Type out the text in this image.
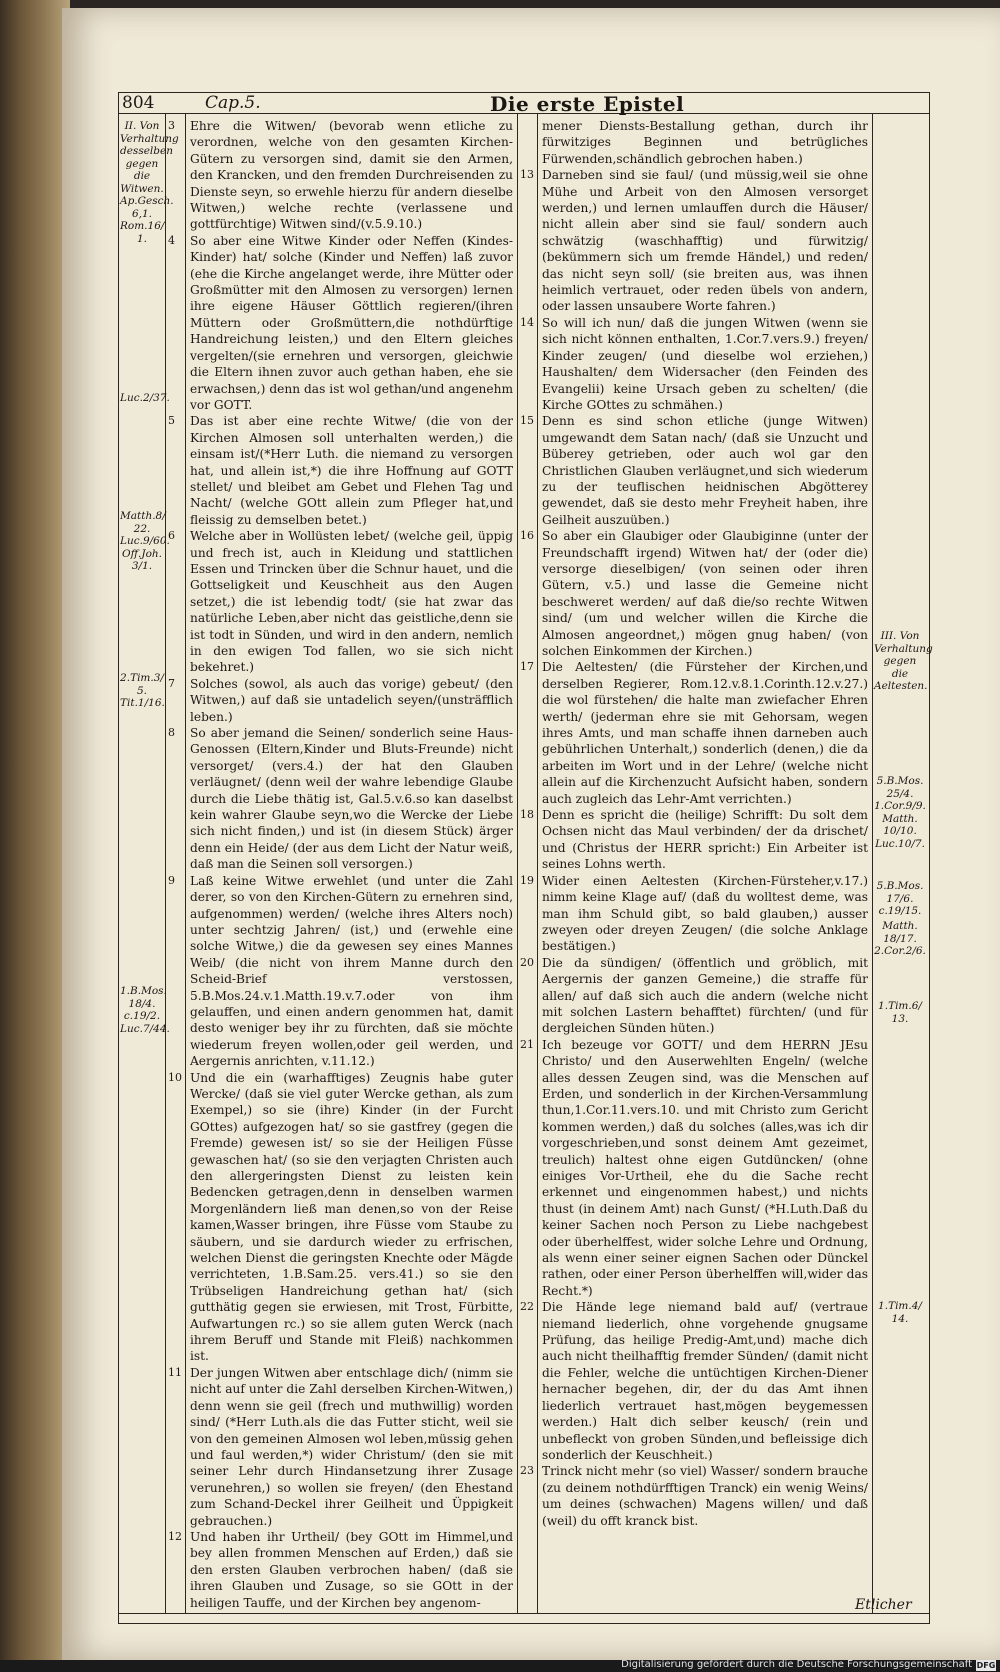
804	Cap.5.	Die erste Epistel
II. Von Verhaltung desselben gegen die Witwen. Ap.Gesch. 6,1. Rom.16/ 1.
Luc.2/37.
Matth.8/ 22. Luc.9/60. Off.Joh. 3/1.
2.Tim.3/ 5. Tit.1/16.
1.B.Mos. 18/4. c.19/2. Luc.7/44.
III. Von Verhaltung gegen die Aeltesten.
5.B.Mos. 25/4. 1.Cor.9/9. Matth. 10/10. Luc.10/7.
5.B.Mos. 17/6. c.19/15.
Matth. 18/17. 2.Cor.2/6.
1.Tim.6/ 13.
1.Tim.4/ 14.

3 Ehre die Witwen/ (bevorab wenn etliche zu verordnen, welche von den gesamten Kirchen-Gütern zu versorgen sind, damit sie den Armen, den Krancken, und den fremden Durchreisenden zu Dienste seyn, so erwehle hierzu für andern dieselbe Witwen,) welche rechte (verlassene und gottfürchtige) Witwen sind/(v.5.9.10.)

4 So aber eine Witwe Kinder oder Neffen (Kindes-Kinder) hat/ solche (Kinder und Neffen) laß zuvor (ehe die Kirche angelanget werde, ihre Mütter oder Großmütter mit den Almosen zu versorgen) lernen ihre eigene Häuser Göttlich regieren/(ihren Müttern oder Großmüttern,die nothdürftige Handreichung leisten,) und den Eltern gleiches vergelten/(sie ernehren und versorgen, gleichwie die Eltern ihnen zuvor auch gethan haben, ehe sie erwachsen,) denn das ist wol gethan/und angenehm vor GOTT.

5 Das ist aber eine rechte Witwe/ (die von der Kirchen Almosen soll unterhalten werden,) die einsam ist/(*Herr Luth. die niemand zu versorgen hat, und allein ist,*) die ihre Hoffnung auf GOTT stellet/ und bleibet am Gebet und Flehen Tag und Nacht/ (welche GOtt allein zum Pfleger hat,und fleissig zu demselben betet.)

6 Welche aber in Wollüsten lebet/ (welche geil, üppig und frech ist, auch in Kleidung und stattlichen Essen und Trincken über die Schnur hauet, und die Gottseligkeit und Keuschheit aus den Augen setzet,) die ist lebendig todt/ (sie hat zwar das natürliche Leben,aber nicht das geistliche,denn sie ist todt in Sünden, und wird in den andern, nemlich in den ewigen Tod fallen, wo sie sich nicht bekehret.)

7 Solches (sowol, als auch das vorige) gebeut/ (den Witwen,) auf daß sie untadelich seyen/(unsträfflich leben.)

8 So aber jemand die Seinen/ sonderlich seine Haus-Genossen (Eltern,Kinder und Bluts-Freunde) nicht versorget/ (vers.4.) der hat den Glauben verläugnet/ (denn weil der wahre lebendige Glaube durch die Liebe thätig ist, Gal.5.v.6.so kan daselbst kein wahrer Glaube seyn,wo die Wercke der Liebe sich nicht finden,) und ist (in diesem Stück) ärger denn ein Heide/ (der aus dem Licht der Natur weiß, daß man die Seinen soll versorgen.)

9 Laß keine Witwe erwehlet (und unter die Zahl derer, so von den Kirchen-Gütern zu ernehren sind, aufgenommen) werden/ (welche ihres Alters noch) unter sechtzig Jahren/ (ist,) und (erwehle eine solche Witwe,) die da gewesen sey eines Mannes Weib/ (die nicht von ihrem Manne durch den Scheid-Brief verstossen, 5.B.Mos.24.v.1.Matth.19.v.7.oder von ihm gelauffen, und einen andern genommen hat, damit desto weniger bey ihr zu fürchten, daß sie möchte wiederum freyen wollen,oder geil werden, und Aergernis anrichten, v.11.12.)

10 Und die ein (warhafftiges) Zeugnis habe guter Wercke/ (daß sie viel guter Wercke gethan, als zum Exempel,) so sie (ihre) Kinder (in der Furcht GOttes) aufgezogen hat/ so sie gastfrey (gegen die Fremde) gewesen ist/ so sie der Heiligen Füsse gewaschen hat/ (so sie den verjagten Christen auch den allergeringsten Dienst zu leisten kein Bedencken getragen,denn in denselben warmen Morgenländern ließ man denen,so von der Reise kamen,Wasser bringen, ihre Füsse vom Staube zu säubern, und sie dardurch wieder zu erfrischen, welchen Dienst die geringsten Knechte oder Mägde verrichteten, 1.B.Sam.25. vers.41.) so sie den Trübseligen Handreichung gethan hat/ (sich gutthätig gegen sie erwiesen, mit Trost, Fürbitte, Aufwartungen rc.) so sie allem guten Werck (nach ihrem Beruff und Stande mit Fleiß) nachkommen ist.

11 Der jungen Witwen aber entschlage dich/ (nimm sie nicht auf unter die Zahl derselben Kirchen-Witwen,) denn wenn sie geil (frech und muthwillig) worden sind/ (*Herr Luth.als die das Futter sticht, weil sie von den gemeinen Almosen wol leben,müssig gehen und faul werden,*) wider Christum/ (den sie mit seiner Lehr durch Hindansetzung ihrer Zusage verunehren,) so wollen sie freyen/ (den Ehestand zum Schand-Deckel ihrer Geilheit und Üppigkeit gebrauchen.)

12 Und haben ihr Urtheil/ (bey GOtt im Himmel,und bey allen frommen Menschen auf Erden,) daß sie den ersten Glauben verbrochen haben/ (daß sie ihren Glauben und Zusage, so sie GOtt in der heiligen Tauffe, und der Kirchen bey angenom-

mener Diensts-Bestallung gethan, durch ihr fürwitziges Beginnen und betrügliches Fürwenden,schändlich gebrochen haben.)

13 Darneben sind sie faul/ (und müssig,weil sie ohne Mühe und Arbeit von den Almosen versorget werden,) und lernen umlauffen durch die Häuser/ nicht allein aber sind sie faul/ sondern auch schwätzig (waschhafftig) und fürwitzig/ (bekümmern sich um fremde Händel,) und reden/ das nicht seyn soll/ (sie breiten aus, was ihnen heimlich vertrauet, oder reden übels von andern, oder lassen unsaubere Worte fahren.)

14 So will ich nun/ daß die jungen Witwen (wenn sie sich nicht können enthalten, 1.Cor.7.vers.9.) freyen/ Kinder zeugen/ (und dieselbe wol erziehen,) Haushalten/ dem Widersacher (den Feinden des Evangelii) keine Ursach geben zu schelten/ (die Kirche GOttes zu schmähen.)

15 Denn es sind schon etliche (junge Witwen) umgewandt dem Satan nach/ (daß sie Unzucht und Büberey getrieben, oder auch wol gar den Christlichen Glauben verläugnet,und sich wiederum zu der teuflischen heidnischen Abgötterey gewendet, daß sie desto mehr Freyheit haben, ihre Geilheit auszuüben.)

16 So aber ein Glaubiger oder Glaubiginne (unter der Freundschafft irgend) Witwen hat/ der (oder die) versorge dieselbigen/ (von seinen oder ihren Gütern, v.5.) und lasse die Gemeine nicht beschweret werden/ auf daß die/so rechte Witwen sind/ (um und welcher willen die Kirche die Almosen angeordnet,) mögen gnug haben/ (von solchen Einkommen der Kirchen.)

17 Die Aeltesten/ (die Fürsteher der Kirchen,und derselben Regierer, Rom.12.v.8.1.Corinth.12.v.27.) die wol fürstehen/ die halte man zwiefacher Ehren werth/ (jederman ehre sie mit Gehorsam, wegen ihres Amts, und man schaffe ihnen darneben auch gebührlichen Unterhalt,) sonderlich (denen,) die da arbeiten im Wort und in der Lehre/ (welche nicht allein auf die Kirchenzucht Aufsicht haben, sondern auch zugleich das Lehr-Amt verrichten.)

18 Denn es spricht die (heilige) Schrifft: Du solt dem Ochsen nicht das Maul verbinden/ der da drischet/ und (Christus der HERR spricht:) Ein Arbeiter ist seines Lohns werth.

19 Wider einen Aeltesten (Kirchen-Fürsteher,v.17.) nimm keine Klage auf/ (daß du wolltest deme, was man ihm Schuld gibt, so bald glauben,) ausser zweyen oder dreyen Zeugen/ (die solche Anklage bestätigen.)

20 Die da sündigen/ (öffentlich und gröblich, mit Aergernis der ganzen Gemeine,) die straffe für allen/ auf daß sich auch die andern (welche nicht mit solchen Lastern behafftet) fürchten/ (und für dergleichen Sünden hüten.)

21 Ich bezeuge vor GOTT/ und dem HERRN JEsu Christo/ und den Auserwehlten Engeln/ (welche alles dessen Zeugen sind, was die Menschen auf Erden, und sonderlich in der Kirchen-Versammlung thun,1.Cor.11.vers.10. und mit Christo zum Gericht kommen werden,) daß du solches (alles,was ich dir vorgeschrieben,und sonst deinem Amt gezeimet, treulich) haltest ohne eigen Gutdüncken/ (ohne einiges Vor-Urtheil, ehe du die Sache recht erkennet und eingenommen habest,) und nichts thust (in deinem Amt) nach Gunst/ (*H.Luth.Daß du keiner Sachen noch Person zu Liebe nachgebest oder überhelffest, wider solche Lehre und Ordnung, als wenn einer seiner eignen Sachen oder Dünckel rathen, oder einer Person überhelffen will,wider das Recht.*)

22 Die Hände lege niemand bald auf/ (vertraue niemand liederlich, ohne vorgehende gnugsame Prüfung, das heilige Predig-Amt,und) mache dich auch nicht theilhafftig fremder Sünden/ (damit nicht die Fehler, welche die untüchtigen Kirchen-Diener hernacher begehen, dir, der du das Amt ihnen liederlich vertrauet hast,mögen beygemessen werden.) Halt dich selber keusch/ (rein und unbefleckt von groben Sünden,und befleissige dich sonderlich der Keuschheit.)

23 Trinck nicht mehr (so viel) Wasser/ sondern brauche (zu deinem nothdürfftigen Tranck) ein wenig Weins/ um deines (schwachen) Magens willen/ und daß (weil) du offt kranck bist.

Etlicher
Digitalisierung gefördert durch die Deutsche Forschungsgemeinschaft DFG
